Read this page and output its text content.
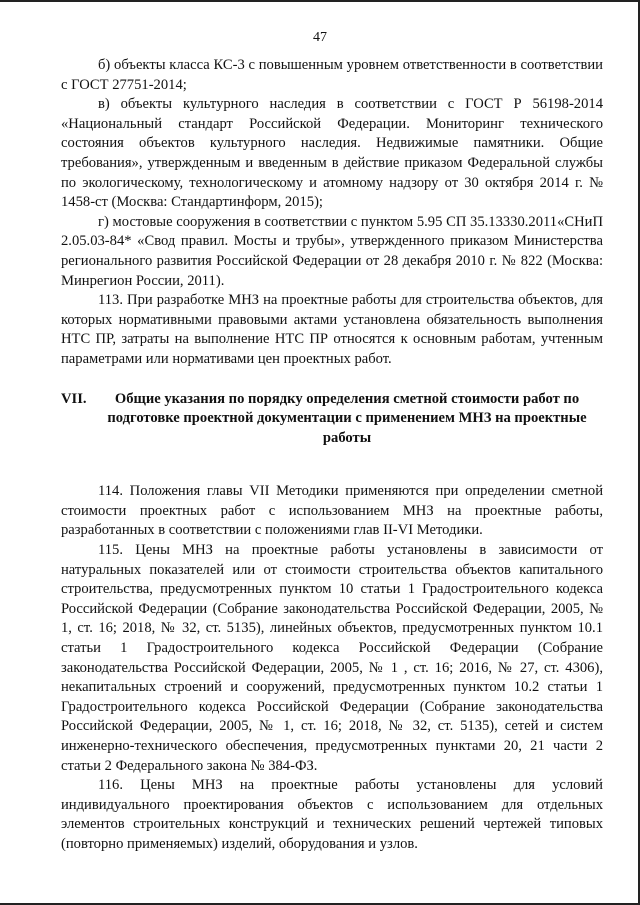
47

б) объекты класса КС-3 с повышенным уровнем ответственности в соответствии с ГОСТ 27751-2014;

в) объекты культурного наследия в соответствии с ГОСТ Р 56198-2014 «Национальный стандарт Российской Федерации. Мониторинг технического состояния объектов культурного наследия. Недвижимые памятники. Общие требования», утвержденным и введенным в действие приказом Федеральной службы по экологическому, технологическому и атомному надзору от 30 октября 2014 г. № 1458-ст (Москва: Стандартинформ, 2015);

г) мостовые сооружения в соответствии с пунктом 5.95 СП 35.13330.2011«СНиП 2.05.03-84* «Свод правил. Мосты и трубы», утвержденного приказом Министерства регионального развития Российской Федерации от 28 декабря 2010 г. № 822 (Москва: Минрегион России, 2011).

113. При разработке МНЗ на проектные работы для строительства объектов, для которых нормативными правовыми актами установлена обязательность выполнения НТС ПР, затраты на выполнение НТС ПР относятся к основным работам, учтенным параметрами или нормативами цен проектных работ.

VII.	Общие указания по порядку определения сметной стоимости работ по подготовке проектной документации с применением МНЗ на проектные работы

114. Положения главы VII Методики применяются при определении сметной стоимости проектных работ с использованием МНЗ на проектные работы, разработанных в соответствии с положениями глав II-VI Методики.

115. Цены МНЗ на проектные работы установлены в зависимости от натуральных показателей или от стоимости строительства объектов капитального строительства, предусмотренных пунктом 10 статьи 1 Градостроительного кодекса Российской Федерации (Собрание законодательства Российской Федерации, 2005, № 1, ст. 16; 2018, № 32, ст. 5135), линейных объектов, предусмотренных пунктом 10.1 статьи 1 Градостроительного кодекса Российской Федерации (Собрание законодательства Российской Федерации, 2005, № 1 , ст. 16; 2016, № 27, ст. 4306), некапитальных строений и сооружений, предусмотренных пунктом 10.2 статьи 1 Градостроительного кодекса Российской Федерации (Собрание законодательства Российской Федерации, 2005, № 1, ст. 16; 2018, № 32, ст. 5135), сетей и систем инженерно-технического обеспечения, предусмотренных пунктами 20, 21 части 2 статьи 2 Федерального закона № 384-ФЗ.

116. Цены МНЗ на проектные работы установлены для условий индивидуального проектирования объектов с использованием для отдельных элементов строительных конструкций и технических решений чертежей типовых (повторно применяемых) изделий, оборудования и узлов.
